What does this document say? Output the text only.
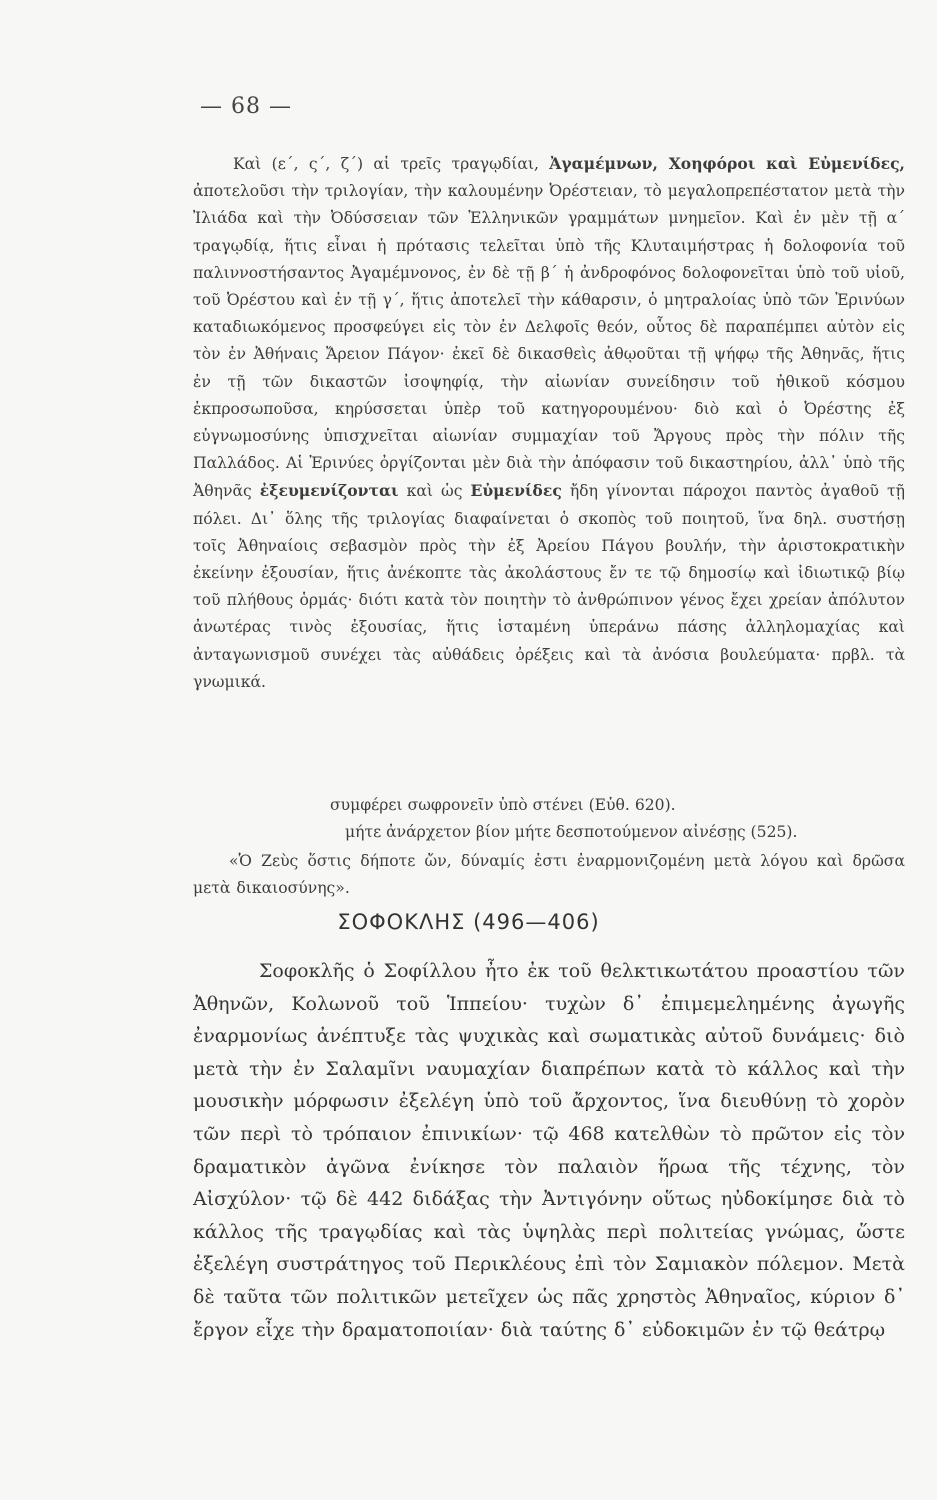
— 68 —

Καὶ (ε΄, ς΄, ζ΄) αἱ τρεῖς τραγῳδίαι, Ἀγαμέμνων, Χοηφόροι καὶ Εὐμενίδες, ἀποτελοῦσι τὴν τριλογίαν, τὴν καλουμένην Ὀρέστειαν, τὸ μεγαλοπρεπέστατον μετὰ τὴν Ἰλιάδα καὶ τὴν Ὀδύσσειαν τῶν Ἑλληνικῶν γραμμάτων μνημεῖον. Καὶ ἐν μὲν τῇ α΄ τραγῳδίᾳ, ἥτις εἶναι ἡ πρότασις τελεῖται ὑπὸ τῆς Κλυταιμήστρας ἡ δολοφονία τοῦ παλιννοστήσαντος Ἀγαμέμνονος, ἐν δὲ τῇ β΄ ἡ ἀνδροφόνος δολοφονεῖται ὑπὸ τοῦ υἱοῦ, τοῦ Ὀρέστου καὶ ἐν τῇ γ΄, ἥτις ἀποτελεῖ τὴν κάθαρσιν, ὁ μητραλοίας ὑπὸ τῶν Ἐρινύων καταδιωκόμενος προσφεύγει εἰς τὸν ἐν Δελφοῖς θεόν, οὗτος δὲ παραπέμπει αὐτὸν εἰς τὸν ἐν Ἀθήναις Ἄρειον Πάγον· ἐκεῖ δὲ δικασθεὶς ἀθῳοῦται τῇ ψήφῳ τῆς Ἀθηνᾶς, ἥτις ἐν τῇ τῶν δικαστῶν ἰσοψηφίᾳ, τὴν αἰωνίαν συνείδησιν τοῦ ἠθικοῦ κόσμου ἐκπροσωποῦσα, κηρύσσεται ὑπὲρ τοῦ κατηγορουμένου· διὸ καὶ ὁ Ὀρέστης ἐξ εὐγνωμοσύνης ὑπισχνεῖται αἰωνίαν συμμαχίαν τοῦ Ἄργους πρὸς τὴν πόλιν τῆς Παλλάδος. Αἱ Ἐρινύες ὀργίζονται μὲν διὰ τὴν ἀπόφασιν τοῦ δικαστηρίου, ἀλλ᾽ ὑπὸ τῆς Ἀθηνᾶς ἐξευμενίζονται καὶ ὡς Εὐμενίδες ἤδη γίνονται πάροχοι παντὸς ἀγαθοῦ τῇ πόλει. Δι᾽ ὅλης τῆς τριλογίας διαφαίνεται ὁ σκοπὸς τοῦ ποιητοῦ, ἵνα δηλ. συστήσῃ τοῖς Ἀθηναίοις σεβασμὸν πρὸς τὴν ἐξ Ἀρείου Πάγου βουλήν, τὴν ἀριστοκρατικὴν ἐκείνην ἐξουσίαν, ἥτις ἀνέκοπτε τὰς ἀκολάστους ἔν τε τῷ δημοσίῳ καὶ ἰδιωτικῷ βίῳ τοῦ πλήθους ὁρμάς· διότι κατὰ τὸν ποιητὴν τὸ ἀνθρώπινον γένος ἔχει χρείαν ἀπόλυτον ἀνωτέρας τινὸς ἐξουσίας, ἥτις ἱσταμένη ὑπεράνω πάσης ἀλληλομαχίας καὶ ἀνταγωνισμοῦ συνέχει τὰς αὐθάδεις ὀρέξεις καὶ τὰ ἀνόσια βουλεύματα· πρβλ. τὰ γνωμικά.

συμφέρει σωφρονεῖν ὑπὸ στένει (Εὐθ. 620).
μήτε ἀνάρχετον βίον μήτε δεσποτούμενον αἰνέσῃς (525).

«Ὁ Ζεὺς ὅστις δήποτε ὤν, δύναμίς ἐστι ἐναρμονιζομένη μετὰ λόγου καὶ δρῶσα μετὰ δικαιοσύνης».

ΣΟΦΟΚΛΗΣ (496—406)

Σοφοκλῆς ὁ Σοφίλλου ἦτο ἐκ τοῦ θελκτικωτάτου προαστίου τῶν Ἀθηνῶν, Κολωνοῦ τοῦ Ἱππείου· τυχὼν δ᾽ ἐπιμεμελημένης ἀγωγῆς ἐναρμονίως ἀνέπτυξε τὰς ψυχικὰς καὶ σωματικὰς αὐτοῦ δυνάμεις· διὸ μετὰ τὴν ἐν Σαλαμῖνι ναυμαχίαν διαπρέπων κατὰ τὸ κάλλος καὶ τὴν μουσικὴν μόρφωσιν ἐξελέγη ὑπὸ τοῦ ἄρχοντος, ἵνα διευθύνῃ τὸ χορὸν τῶν περὶ τὸ τρόπαιον ἐπινικίων· τῷ 468 κατελθὼν τὸ πρῶτον εἰς τὸν δραματικὸν ἀγῶνα ἐνίκησε τὸν παλαιὸν ἥρωα τῆς τέχνης, τὸν Αἰσχύλον· τῷ δὲ 442 διδάξας τὴν Ἀντιγόνην οὕτως ηὐδοκίμησε διὰ τὸ κάλλος τῆς τραγῳδίας καὶ τὰς ὑψηλὰς περὶ πολιτείας γνώμας, ὥστε ἐξελέγη συστράτηγος τοῦ Περικλέους ἐπὶ τὸν Σαμιακὸν πόλεμον. Μετὰ δὲ ταῦτα τῶν πολιτικῶν μετεῖχεν ὡς πᾶς χρηστὸς Ἀθηναῖος, κύριον δ᾽ ἔργον εἶχε τὴν δραματοποιίαν· διὰ ταύτης δ᾽ εὐδοκιμῶν ἐν τῷ θεάτρῳ
